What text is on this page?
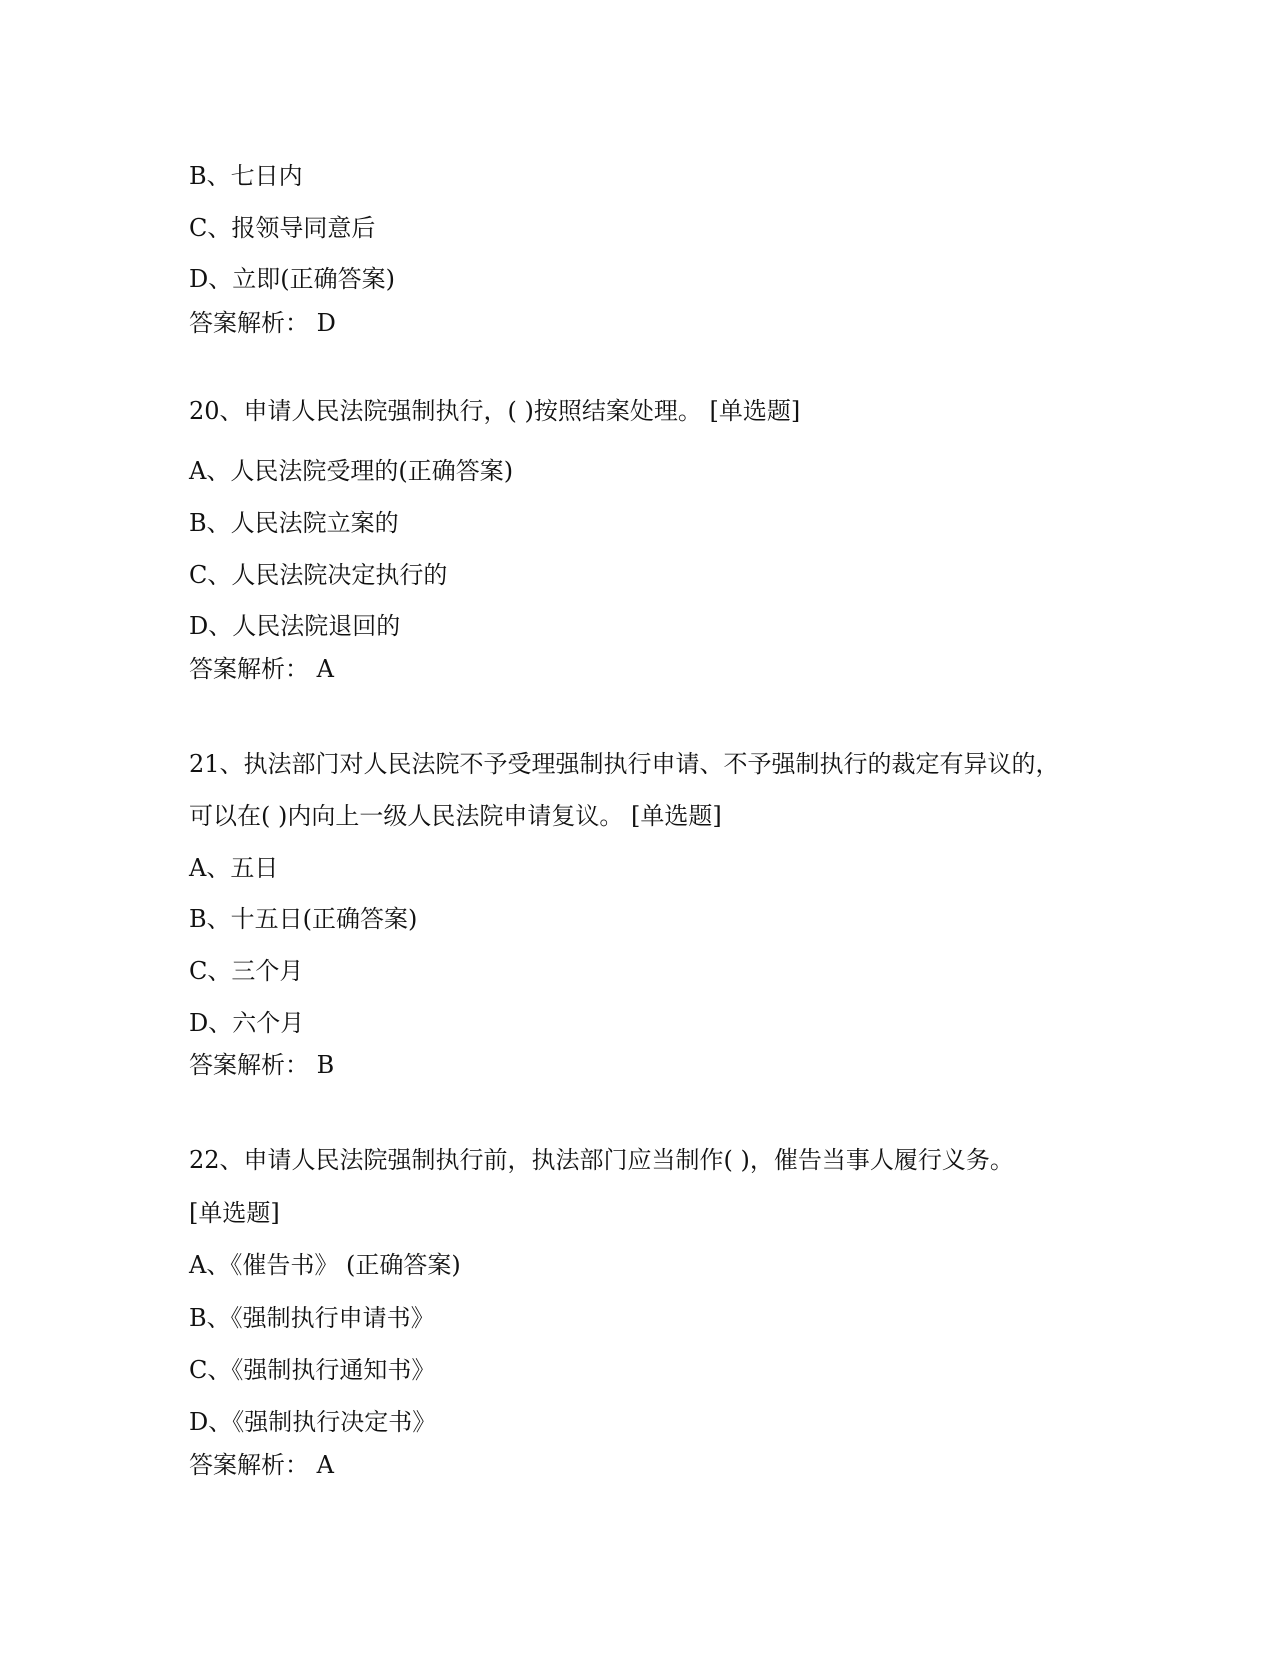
B、七日内
C、报领导同意后
D、立即(正确答案)
答案解析： D
20、申请人民法院强制执行，( )按照结案处理。 [单选题]
A、人民法院受理的(正确答案)
B、人民法院立案的
C、人民法院决定执行的
D、人民法院退回的
答案解析： A
21、执法部门对人民法院不予受理强制执行申请、不予强制执行的裁定有异议的，
可以在( )内向上一级人民法院申请复议。 [单选题]
A、五日
B、十五日(正确答案)
C、三个月
D、六个月
答案解析： B
22、申请人民法院强制执行前，执法部门应当制作( )，催告当事人履行义务。
[单选题]
A、《催告书》 (正确答案)
B、《强制执行申请书》
C、《强制执行通知书》
D、《强制执行决定书》
答案解析： A
